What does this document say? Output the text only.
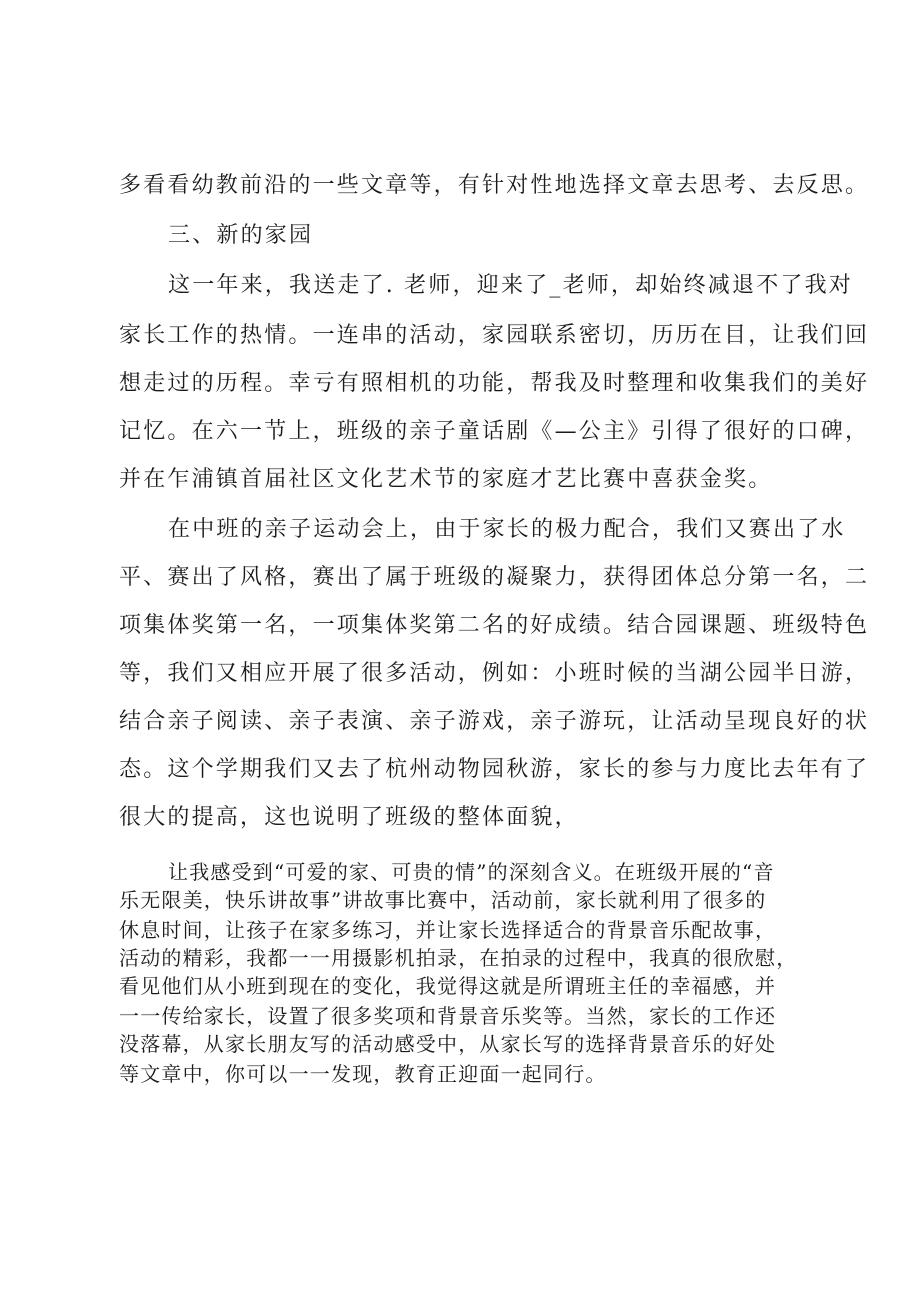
多看看幼教前沿的一些文章等，有针对性地选择文章去思考、去反思。

三、新的家园

这一年来，我送走了. 老师，迎来了_老师，却始终减退不了我对

家长工作的热情。一连串的活动，家园联系密切，历历在目，让我们回

想走过的历程。幸亏有照相机的功能，帮我及时整理和收集我们的美好

记忆。在六一节上，班级的亲子童话剧《—公主》引得了很好的口碑，

并在乍浦镇首届社区文化艺术节的家庭才艺比赛中喜获金奖。

在中班的亲子运动会上，由于家长的极力配合，我们又赛出了水

平、赛出了风格，赛出了属于班级的凝聚力，获得团体总分第一名，二

项集体奖第一名，一项集体奖第二名的好成绩。结合园课题、班级特色

等，我们又相应开展了很多活动，例如：小班时候的当湖公园半日游，

结合亲子阅读、亲子表演、亲子游戏，亲子游玩，让活动呈现良好的状

态。这个学期我们又去了杭州动物园秋游，家长的参与力度比去年有了

很大的提高，这也说明了班级的整体面貌，

让我感受到“可爱的家、可贵的情”的深刻含义。在班级开展的“音

乐无限美，快乐讲故事”讲故事比赛中，活动前，家长就利用了很多的

休息时间，让孩子在家多练习，并让家长选择适合的背景音乐配故事，

活动的精彩，我都一一用摄影机拍录，在拍录的过程中，我真的很欣慰，

看见他们从小班到现在的变化，我觉得这就是所谓班主任的幸福感，并

一一传给家长，设置了很多奖项和背景音乐奖等。当然，家长的工作还

没落幕，从家长朋友写的活动感受中，从家长写的选择背景音乐的好处

等文章中，你可以一一发现，教育正迎面一起同行。
